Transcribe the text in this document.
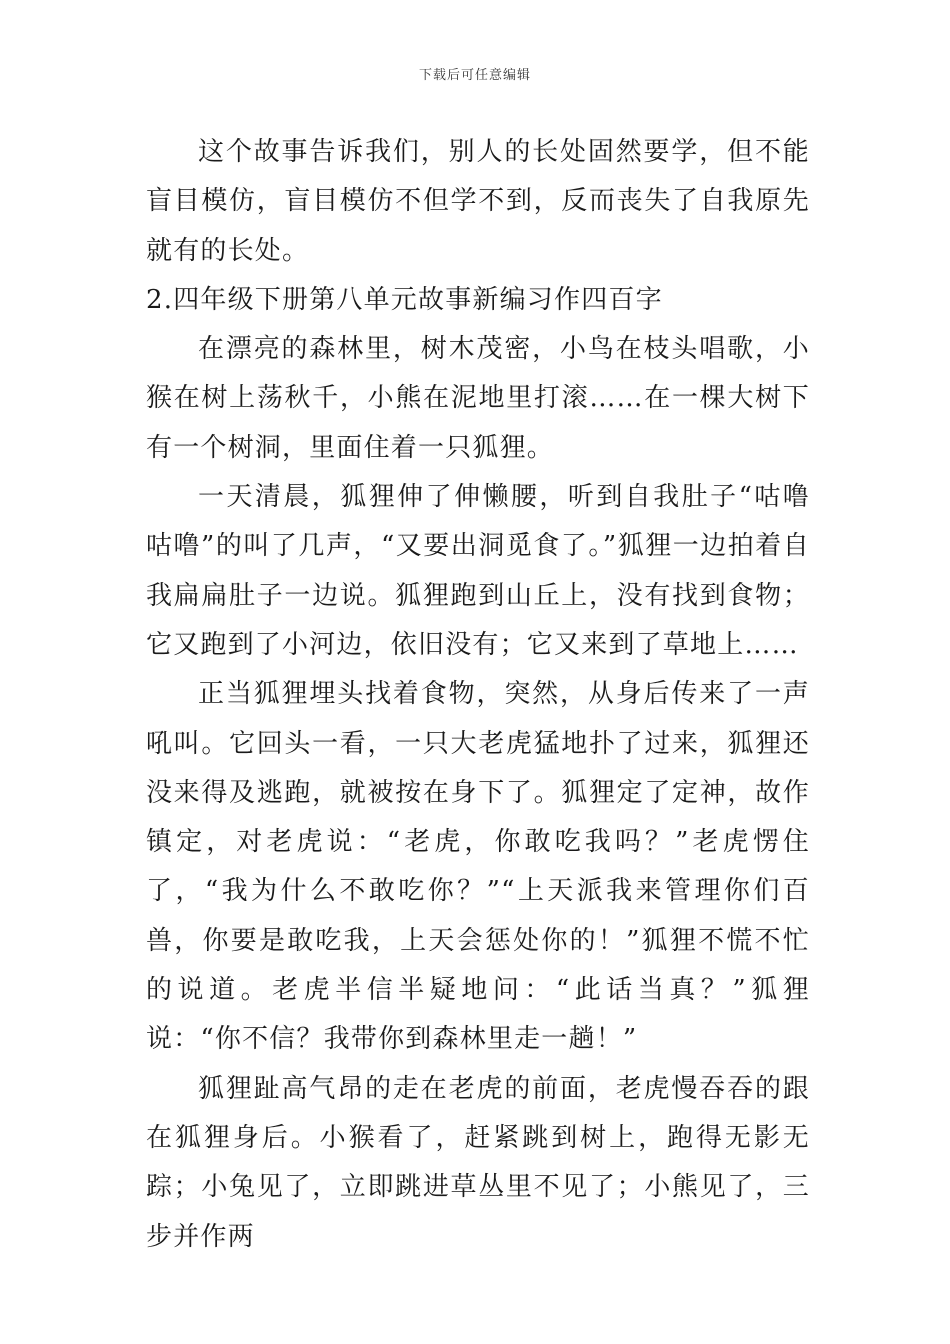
下载后可任意编辑

这个故事告诉我们，别人的长处固然要学，但不能盲目模仿，盲目模仿不但学不到，反而丧失了自我原先就有的长处。

2.四年级下册第八单元故事新编习作四百字

在漂亮的森林里，树木茂密，小鸟在枝头唱歌，小猴在树上荡秋千，小熊在泥地里打滚……在一棵大树下有一个树洞，里面住着一只狐狸。

一天清晨，狐狸伸了伸懒腰，听到自我肚子“咕噜咕噜”的叫了几声，“又要出洞觅食了。”狐狸一边拍着自我扁扁肚子一边说。狐狸跑到山丘上，没有找到食物；它又跑到了小河边，依旧没有；它又来到了草地上……

正当狐狸埋头找着食物，突然，从身后传来了一声吼叫。它回头一看，一只大老虎猛地扑了过来，狐狸还没来得及逃跑，就被按在身下了。狐狸定了定神，故作镇定，对老虎说：“老虎，你敢吃我吗？”老虎愣住了，“我为什么不敢吃你？”“上天派我来管理你们百兽，你要是敢吃我，上天会惩处你的！”狐狸不慌不忙的说道。老虎半信半疑地问：“此话当真？”狐狸说：“你不信？我带你到森林里走一趟！”

狐狸趾高气昂的走在老虎的前面，老虎慢吞吞的跟在狐狸身后。小猴看了，赶紧跳到树上，跑得无影无踪；小兔见了，立即跳进草丛里不见了；小熊见了，三步并作两
